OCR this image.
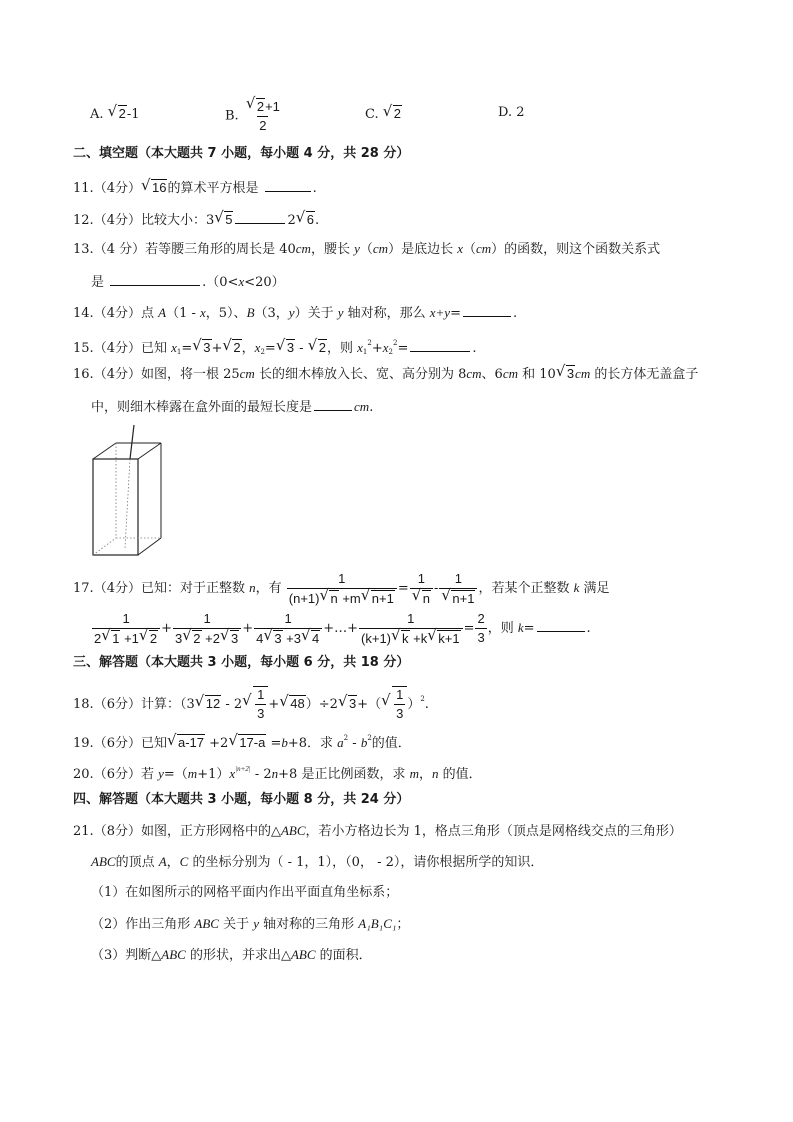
A. √ 2-1	B. √ $\frac{2+1}{2}$	C. √ 2	D. 2
二、填空题（本大题共 7 小题，每小题 4 分，共 28 分）
11.（4分） √ 16的算术平方根是	.
12.（4分）比较大小：3 √ 5	2 √ 6.
13.（4 分）若等腰三角形的周长是 40cm，腰长 y（cm）是底边长 x（cm）的函数，则这个函数关系式
是	.（0<x<20）
14.（4分）点 A（1 - x，5）、B（3，y）关于 y 轴对称，那么 x+y=	.
15.（4分）已知 $x_1=$ √ 3+ √ 2，$x_2=$ √ 3 - √ 2，则 $x_1^2+x_2^2=$	.
16.（4分）如图，将一根 25cm 长的细木棒放入长、宽、高分别为 8cm、6cm 和 10 √ 3cm 的长方体无盖盒子
中，则细木棒露在盒外面的最短长度是	cm.
17.（4分）已知：对于正整数 n，有 $\frac{1}{(n+1) √ n +m √ n+1} = 1$
√ n - 1
√ n+1 ，若某个正整数 k 满足
$\frac{1}{2 √ 1 +1 √ 2} + \frac{1}{3 √ 2 +2 √ 3} + \frac{1}{4 √ 3 +3 √ 4}$ +…+ $\frac{1}{(k+1) √ k +k √ k+1} = \frac{2}{3}$ ，则 k=	.
三、解答题（本大题共 3 小题，每小题 6 分，共 18 分）
18.（6分）计算：（3 √ 12 - 2 √ $\frac{1}{3}$ + √ 48）÷2 √ 3+（ √ $\frac{1}{3} )^2$.
19.（6分）已知 √ a-17 +2 √ 17-a =b+8．求 $a^2 - b^2$的值．
20.（6分）若 $y=(m+1)x^{|n+2|} - 2n+8$ 是正比例函数，求 m，n 的值．
四、解答题（本大题共 3 小题，每小题 8 分，共 24 分）
21.（8分）如图，正方形网格中的△ABC，若小方格边长为 1，格点三角形（顶点是网格线交点的三角形）
ABC的顶点 A，C 的坐标分别为（ - 1，1），（0， - 2），请你根据所学的知识．
（1）在如图所示的网格平面内作出平面直角坐标系；
（2）作出三角形 ABC 关于 y 轴对称的三角形 A₁B₁C₁；
（3）判断△ABC 的形状，并求出△ABC 的面积．
